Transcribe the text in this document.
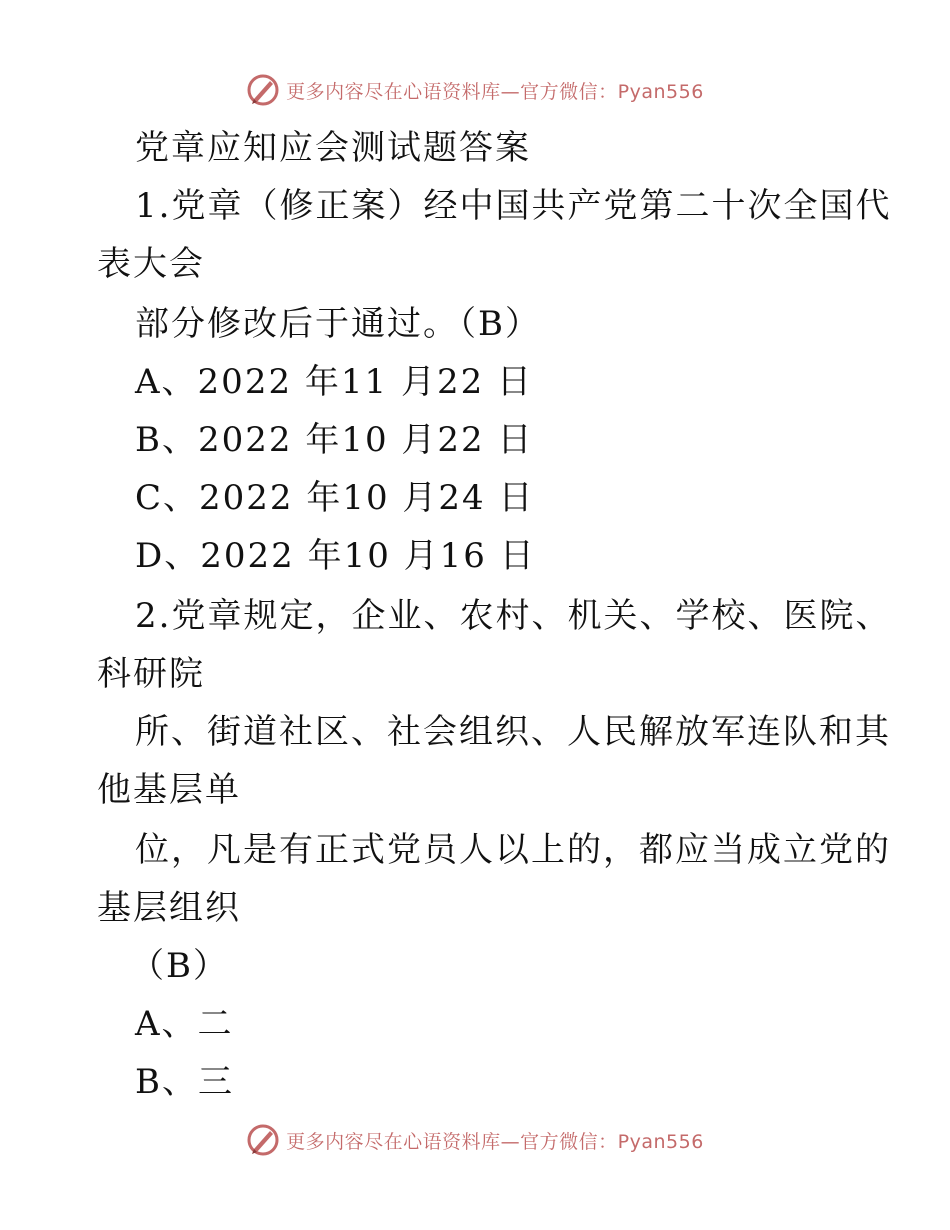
更多内容尽在心语资料库—官方微信：Pyan556
党章应知应会测试题答案
1.党章（修正案）经中国共产党第二十次全国代
表大会
部分修改后于通过。（B）
A、2022 年11 月22 日
B、2022 年10 月22 日
C、2022 年10 月24 日
D、2022 年10 月16 日
2.党章规定，企业、农村、机关、学校、医院、
科研院
所、街道社区、社会组织、人民解放军连队和其
他基层单
位，凡是有正式党员人以上的，都应当成立党的
基层组织
（B）
A、二
B、三
更多内容尽在心语资料库—官方微信：Pyan556
